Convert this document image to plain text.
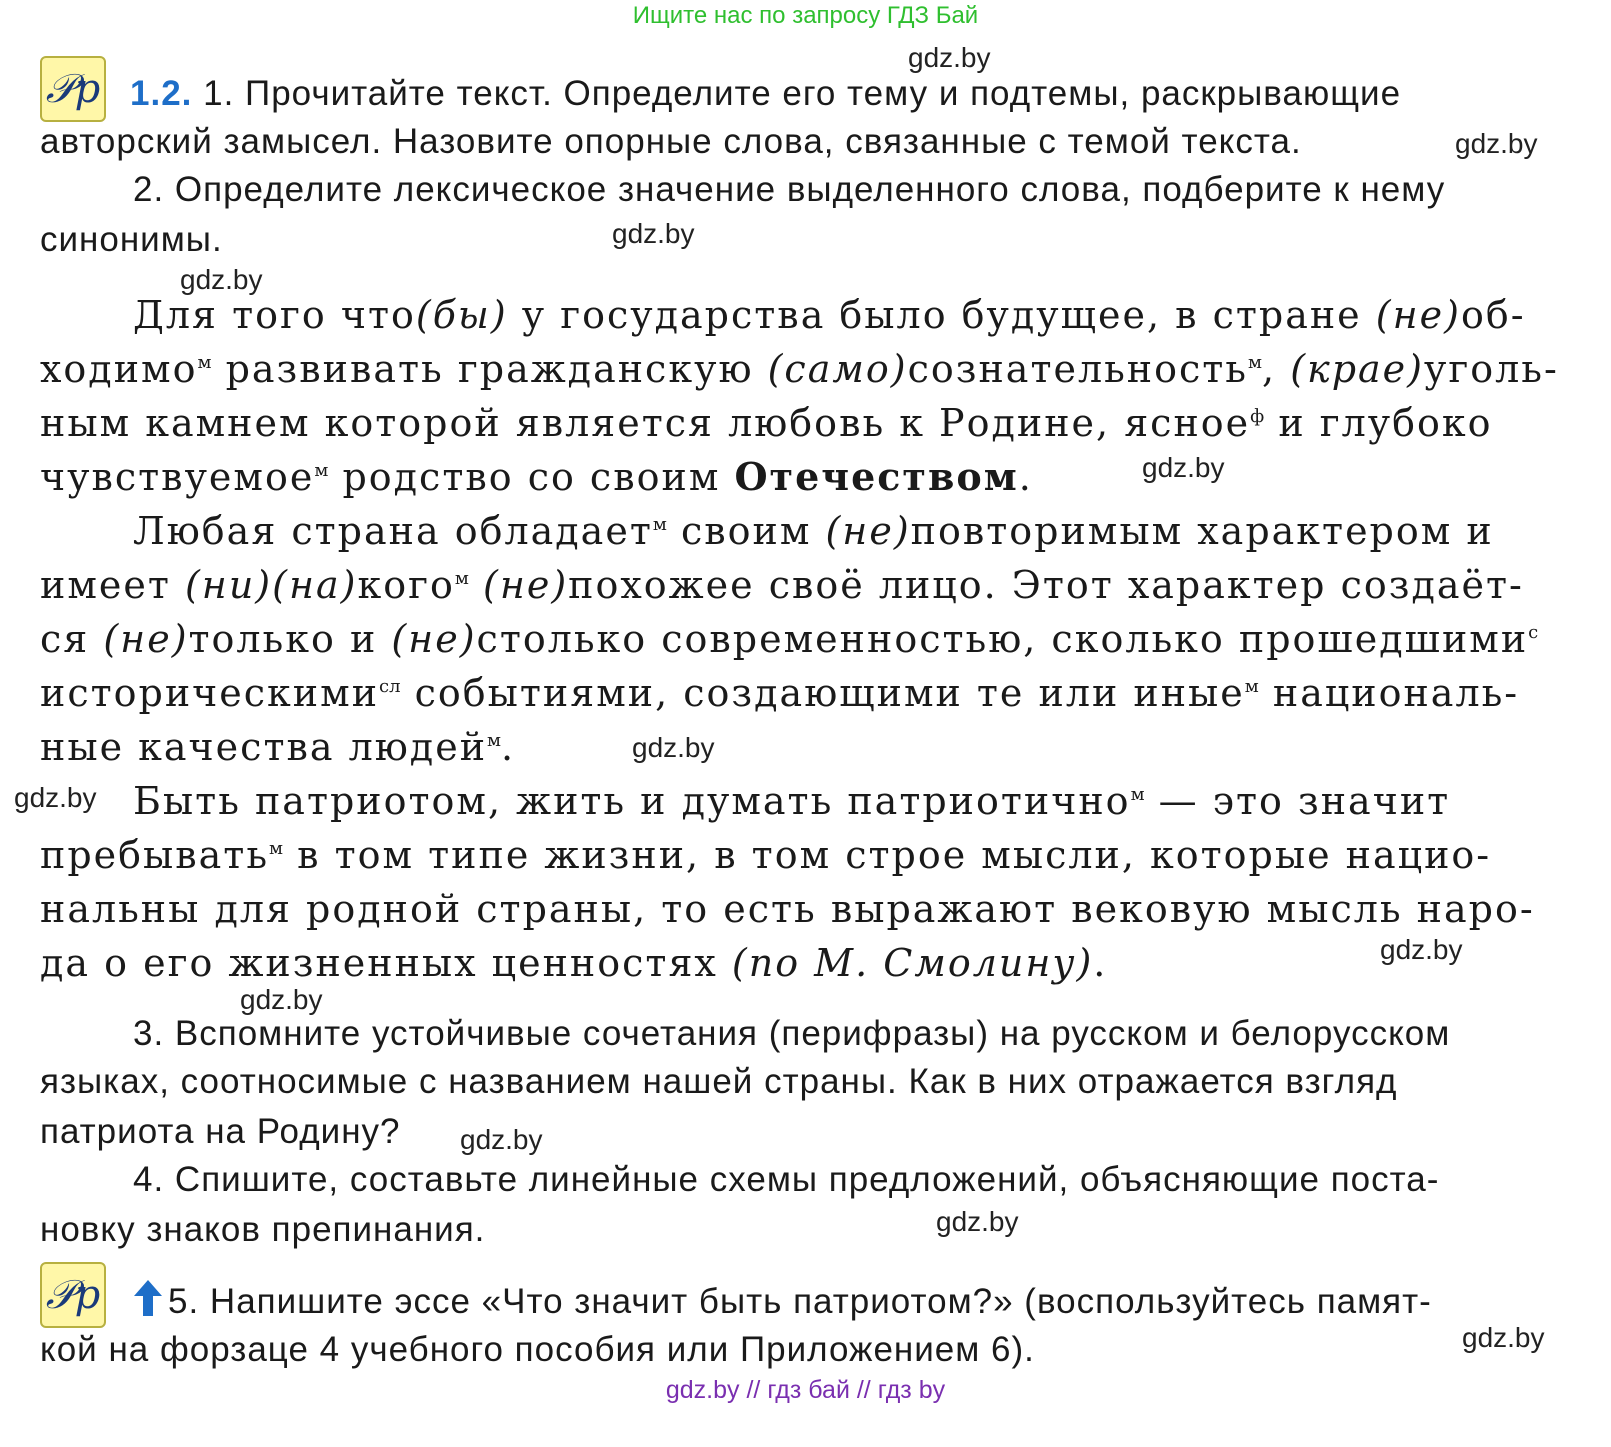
Ищите нас по запросу ГДЗ Бай
gdz.by
gdz.by
gdz.by
gdz.by
gdz.by
gdz.by
gdz.by
gdz.by
gdz.by
gdz.by
gdz.by
gdz.by
𝒫p 1.2. 1. Прочитайте текст. Определите его тему и подтемы, раскрывающие
авторский замысел. Назовите опорные слова, связанные с темой текста.
2. Определите лексическое значение выделенного слова, подберите к нему
синонимы.
Для того что(бы) у государства было будущее, в стране (не)об-
ходимо$^м$ развивать гражданскую (само)сознательность$^м$, (крае)уголь-
ным камнем которой является любовь к Родине, ясное$^ф$ и глубоко
чувствуемое$^м$ родство со своим Отечеством.
Любая страна обладает$^м$ своим (не)повторимым характером и
имеет (ни)(на)кого$^м$ (не)похожее своё лицо. Этот характер создаёт-
ся (не)только и (не)столько современностью, сколько прошедшими$^с$
историческими$^{сл}$ событиями, создающими те или иные$^м$ националь-
ные качества людей$^м$.
Быть патриотом, жить и думать патриотично$^м$ — это значит
пребывать$^м$ в том типе жизни, в том строе мысли, которые нацио-
нальны для родной страны, то есть выражают вековую мысль наро-
да о его жизненных ценностях (по М. Смолину).
3. Вспомните устойчивые сочетания (перифразы) на русском и белорусском
языках, соотносимые с названием нашей страны. Как в них отражается взгляд
патриота на Родину?
4. Спишите, составьте линейные схемы предложений, объясняющие поста-
новку знаков препинания.
𝒫p 5. Напишите эссе «Что значит быть патриотом?» (воспользуйтесь памят-
кой на форзаце 4 учебного пособия или Приложением 6).
gdz.by // гдз бай // гдз by
